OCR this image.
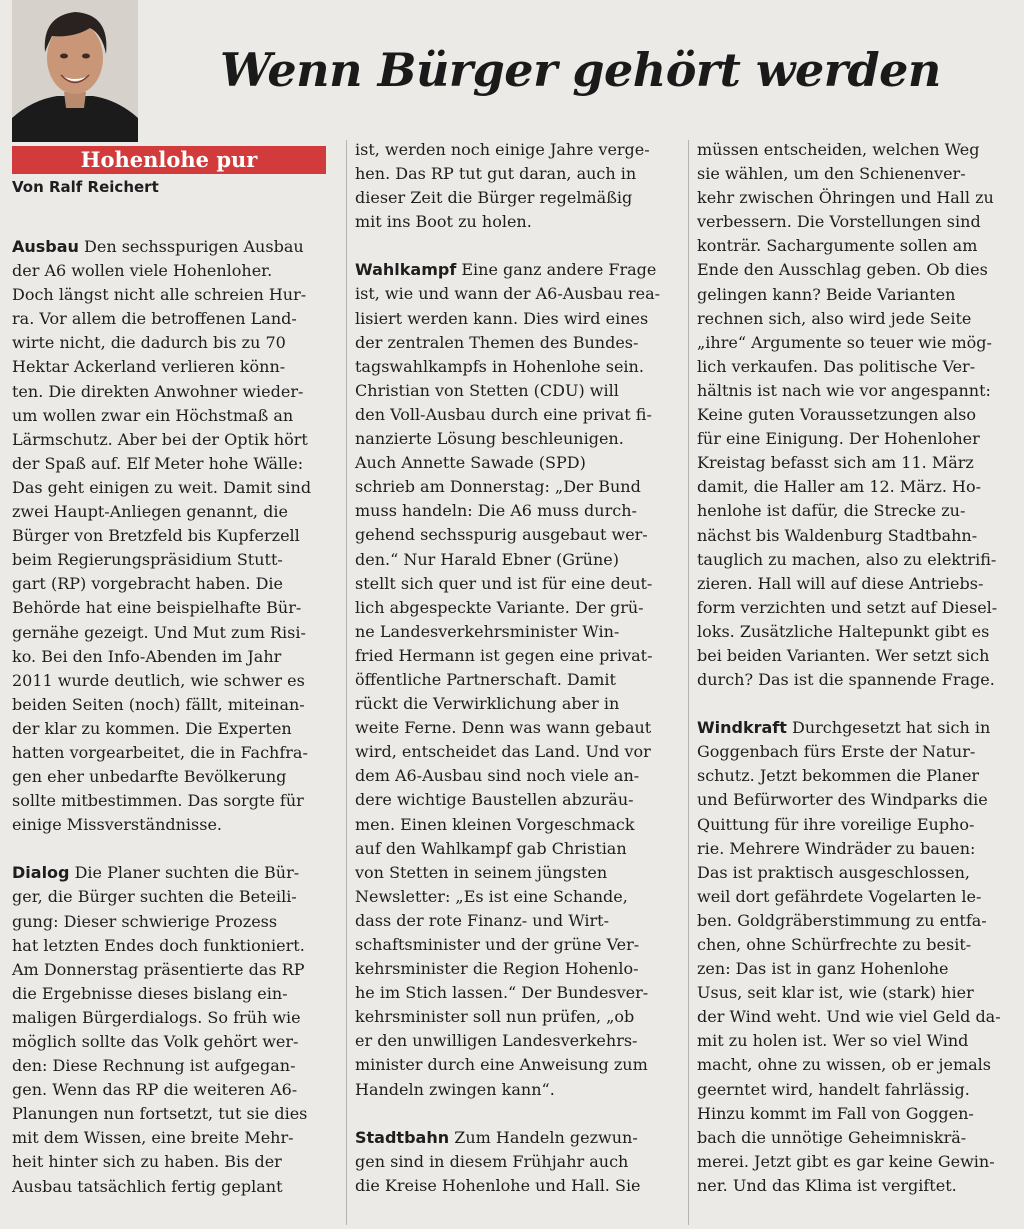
Hohenlohe pur
Von Ralf Reichert
Wenn Bürger gehört werden
Ausbau Den sechsspurigen Ausbau
der A6 wollen viele Hohenloher.
Doch längst nicht alle schreien Hur-
ra. Vor allem die betroffenen Land-
wirte nicht, die dadurch bis zu 70
Hektar Ackerland verlieren könn-
ten. Die direkten Anwohner wieder-
um wollen zwar ein Höchstmaß an
Lärmschutz. Aber bei der Optik hört
der Spaß auf. Elf Meter hohe Wälle:
Das geht einigen zu weit. Damit sind
zwei Haupt-Anliegen genannt, die
Bürger von Bretzfeld bis Kupferzell
beim Regierungspräsidium Stutt-
gart (RP) vorgebracht haben. Die
Behörde hat eine beispielhafte Bür-
gernähe gezeigt. Und Mut zum Risi-
ko. Bei den Info-Abenden im Jahr
2011 wurde deutlich, wie schwer es
beiden Seiten (noch) fällt, miteinan-
der klar zu kommen. Die Experten
hatten vorgearbeitet, die in Fachfra-
gen eher unbedarfte Bevölkerung
sollte mitbestimmen. Das sorgte für
einige Missverständnisse.
Dialog Die Planer suchten die Bür-
ger, die Bürger suchten die Beteili-
gung: Dieser schwierige Prozess
hat letzten Endes doch funktioniert.
Am Donnerstag präsentierte das RP
die Ergebnisse dieses bislang ein-
maligen Bürgerdialogs. So früh wie
möglich sollte das Volk gehört wer-
den: Diese Rechnung ist aufgegan-
gen. Wenn das RP die weiteren A6-
Planungen nun fortsetzt, tut sie dies
mit dem Wissen, eine breite Mehr-
heit hinter sich zu haben. Bis der
Ausbau tatsächlich fertig geplant
ist, werden noch einige Jahre verge-
hen. Das RP tut gut daran, auch in
dieser Zeit die Bürger regelmäßig
mit ins Boot zu holen.
Wahlkampf Eine ganz andere Frage
ist, wie und wann der A6-Ausbau rea-
lisiert werden kann. Dies wird eines
der zentralen Themen des Bundes-
tagswahlkampfs in Hohenlohe sein.
Christian von Stetten (CDU) will
den Voll-Ausbau durch eine privat fi-
nanzierte Lösung beschleunigen.
Auch Annette Sawade (SPD)
schrieb am Donnerstag: „Der Bund
muss handeln: Die A6 muss durch-
gehend sechsspurig ausgebaut wer-
den.“ Nur Harald Ebner (Grüne)
stellt sich quer und ist für eine deut-
lich abgespeckte Variante. Der grü-
ne Landesverkehrsminister Win-
fried Hermann ist gegen eine privat-
öffentliche Partnerschaft. Damit
rückt die Verwirklichung aber in
weite Ferne. Denn was wann gebaut
wird, entscheidet das Land. Und vor
dem A6-Ausbau sind noch viele an-
dere wichtige Baustellen abzuräu-
men. Einen kleinen Vorgeschmack
auf den Wahlkampf gab Christian
von Stetten in seinem jüngsten
Newsletter: „Es ist eine Schande,
dass der rote Finanz- und Wirt-
schaftsminister und der grüne Ver-
kehrsminister die Region Hohenlo-
he im Stich lassen.“ Der Bundesver-
kehrsminister soll nun prüfen, „ob
er den unwilligen Landesverkehrs-
minister durch eine Anweisung zum
Handeln zwingen kann“.
Stadtbahn Zum Handeln gezwun-
gen sind in diesem Frühjahr auch
die Kreise Hohenlohe und Hall. Sie
müssen entscheiden, welchen Weg
sie wählen, um den Schienenver-
kehr zwischen Öhringen und Hall zu
verbessern. Die Vorstellungen sind
konträr. Sachargumente sollen am
Ende den Ausschlag geben. Ob dies
gelingen kann? Beide Varianten
rechnen sich, also wird jede Seite
„ihre“ Argumente so teuer wie mög-
lich verkaufen. Das politische Ver-
hältnis ist nach wie vor angespannt:
Keine guten Voraussetzungen also
für eine Einigung. Der Hohenloher
Kreistag befasst sich am 11. März
damit, die Haller am 12. März. Ho-
henlohe ist dafür, die Strecke zu-
nächst bis Waldenburg Stadtbahn-
tauglich zu machen, also zu elektrifi-
zieren. Hall will auf diese Antriebs-
form verzichten und setzt auf Diesel-
loks. Zusätzliche Haltepunkt gibt es
bei beiden Varianten. Wer setzt sich
durch? Das ist die spannende Frage.
Windkraft Durchgesetzt hat sich in
Goggenbach fürs Erste der Natur-
schutz. Jetzt bekommen die Planer
und Befürworter des Windparks die
Quittung für ihre voreilige Eupho-
rie. Mehrere Windräder zu bauen:
Das ist praktisch ausgeschlossen,
weil dort gefährdete Vogelarten le-
ben. Goldgräberstimmung zu entfa-
chen, ohne Schürfrechte zu besit-
zen: Das ist in ganz Hohenlohe
Usus, seit klar ist, wie (stark) hier
der Wind weht. Und wie viel Geld da-
mit zu holen ist. Wer so viel Wind
macht, ohne zu wissen, ob er jemals
geerntet wird, handelt fahrlässig.
Hinzu kommt im Fall von Goggen-
bach die unnötige Geheimniskrä-
merei. Jetzt gibt es gar keine Gewin-
ner. Und das Klima ist vergiftet.
